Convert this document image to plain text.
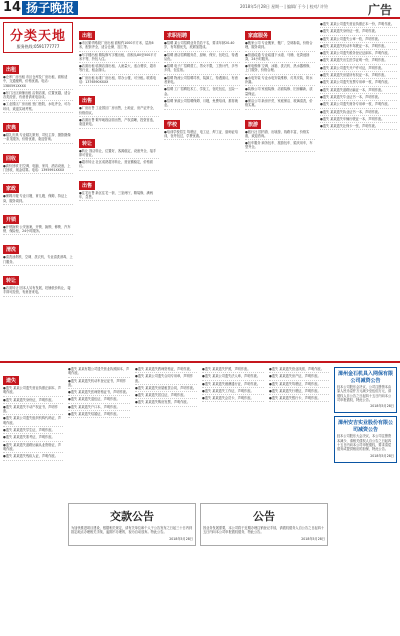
14 扬子晚报	2018年5月28日 星期一 | 编辑/ 于今 | 校对/ 许铃	广告
分类天地
服务热线:0591777777
出租
●仓库厂房出租 市区仓库及厂房出租，面积适中，交通便利，价格优惠。电话：1380591XXXX
●东门社区商铺出租 沿街店面，位置优越，适合各类经营，有意者请来电洽谈。
●工业园区厂房出租 独门独院，水电齐全，可办环评，欢迎实地考察。
庆典
●婚礼庆典 专业婚礼策划、司仪主持、摄影摄像一条龙服务，价格优惠，欢迎咨询。
回收
●高价回收 旧空调、电脑、家具、酒店设备，上门回收，现金结算。电话：1395991XXXX
家政
●保姆月嫂 专业月嫂、育儿嫂、保姆，持证上岗，服务周到。
开锁
●开锁换锁 公安备案，开锁、换锁、修锁、汽车锁、保险柜，24小时服务。
清洗
●清洗油烟机、空调、洗衣机，专业清洗消毒，上门服务。
转让
●店面转让 因本人另有发展，旺铺低价转让，接手即可经营，有意者来电。
出租
●市区繁华路段厂房出租 面积约1000平方米，层高6米，配套齐全，适合仓储、加工等。
●写字楼出租 精装修写字楼出租，面积从80至500平方米不等，拎包入住。
●店面出租 临街店面出租，人流量大，适合餐饮、超市等行业，租金面议。
●厂房出租 标准厂房出租，带办公楼，可分租。联系电话：1376590XXXX
出售
●厂房出售 工业园区厂房出售，土地证、房产证齐全，价格面议。
●店面出售 繁华地段店面出售，产权清晰，投资首选，欢迎来电。
转让
●转让 饭店转让，位置好，客源稳定，设备齐全，接手即可营业。
●超市转让 社区成熟超市转让，营业额稳定，价格面议。
出售
●住宅出售 新区住宅一套，三室两厅，精装修，满两年，急售。
求职招聘
●招聘 某公司招聘业务员若干名，要求年龄20-40岁，有驾照优先，底薪加提成。
●招聘 酒店招聘服务员、厨师、保安，包吃住，待遇从优。
●招聘 电子厂招聘普工，男女不限，工资计件，多劳多得，包住宿。
●招聘 物流公司招聘司机、装卸工，待遇面议，有意者来电。
●招聘 工厂招聘技术工、学徒工，包吃包住，五险一金。
●招聘 家政公司招聘保姆、月嫂，免费培训，推荐就业。
学校
●培训学校招生 驾驶证、电工证、焊工证、厨师证培训，包考包过，学费优惠。
家庭服务
●搬家公司 专业搬家、搬厂、空调拆装，价格合理，服务周到。
●管道疏通 专业疏通下水道、马桶、化粪池抽粪，24小时服务。
●家电维修 空调、冰箱、洗衣机、热水器维修，上门服务，价格合理。
●水电安装 专业水电安装维修、灯具安装、防水补漏。
●装修公司 家庭装修、店面装修、旧房翻新，质量保证。
●保洁公司 新房开荒、家庭保洁、玻璃清洗，价格实惠。
旅游
●旅行社 国内游、出境游，线路丰富，价格实惠，欢迎咨询。
●包车服务 商务包车、旅游包车、婚庆用车，车型齐全。
●遗失 某某公司遗失营业执照正本一份，声明作废。
●遗失 某某遗失身份证一张，声明作废。
●遗失 某某公司遗失公章一枚，声明作废。
●遗失 某某遗失机动车驾驶证一本，声明作废。
●遗失 某某公司遗失税务登记证副本，声明作废。
●遗失 某某遗失出生医学证明一份，声明作废。
●遗失 某某公司遗失开户许可证，声明作废。
●遗失 某某遗失房屋所有权证一本，声明作废。
●遗失 某某公司遗失发票专用章一枚，声明作废。
●遗失 某某遗失道路运输证一本，声明作废。
●遗失 某某遗失毕业证书一本，声明作废。
●遗失 某某公司遗失财务专用章一枚，声明作废。
●遗失 某某遗失执业证书一本，声明作废。
●遗失 某某遗失车辆行驶证一本，声明作废。
●遗失 某某遗失社保卡一张，声明作废。
遗失
●遗失 某某公司遗失营业执照正副本，声明作废。
●遗失 某某遗失身份证，声明作废。
●遗失 某某遗失不动产权证书，声明作废。
●遗失 某某公司遗失组织机构代码证，声明作废。
●遗失 某某遗失学生证，声明作废。
●遗失 某某遗失准考证，声明作废。
●遗失 某某遗失道路运输从业资格证，声明作废。
●遗失 某某遗失残疾人证，声明作废。
●遗失 某某有限公司遗失营业执照副本，声明作废。
●遗失 某某遗失机动车登记证书，声明作废。
●遗失 某某遗失医师资格证书，声明作废。
●遗失 某某遗失退伍证，声明作废。
●遗失 某某遗失户口本，声明作废。
●遗失 某某遗失结婚证，声明作废。
●遗失 某某遗失教师资格证，声明作废。
●遗失 某某公司遗失合同专用章，声明作废。
●遗失 某某遗失房屋租赁合同，声明作废。
●遗失 某某遗失居住证，声明作废。
●遗失 某某遗失购房发票，声明作废。
●遗失 某某遗失护照，声明作废。
●遗失 某某公司遗失法人章，声明作废。
●遗失 某某遗失港澳通行证，声明作废。
●遗失 某某遗失工作证，声明作废。
●遗失 某某遗失会员卡，声明作废。
●遗失 某某遗失营业执照，声明作废。
●遗失 某某遗失房产证，声明作废。
●遗失 某某遗失驾驶证，声明作废。
●遗失 某某遗失行驶证，声明作废。
●遗失 某某遗失银行卡，声明作废。
交款公告
为加快推进项目建设，根据相关规定，请有关单位和个人于公告发布之日起三十日内到指定地点办理相关手续，逾期不办理的，视为自动放弃。特此公告。
2018年5月28日
公告
因业务发展需要，本公司将于近期办理注销登记手续，请债权债务人自公告之日起四十五日内向本公司申报债权债务，特此公告。
2018年5月28日
漳州金石机具入网保有限公司减资公告
经本公司股东会决议，公司注册资本由原人民币壹仟万元减少至伍佰万元，请债权人自公告之日起四十五日内向本公司申报债权，特此公告。
2018年5月28日
漳州安吉实业股份有限公司减资公告
经本公司股东大会决议，本公司注册资本减少，请相关债权人自公告之日起四十五日内向本公司申报债权，要求清偿债务或提供相应的担保，特此公告。
2018年5月28日
